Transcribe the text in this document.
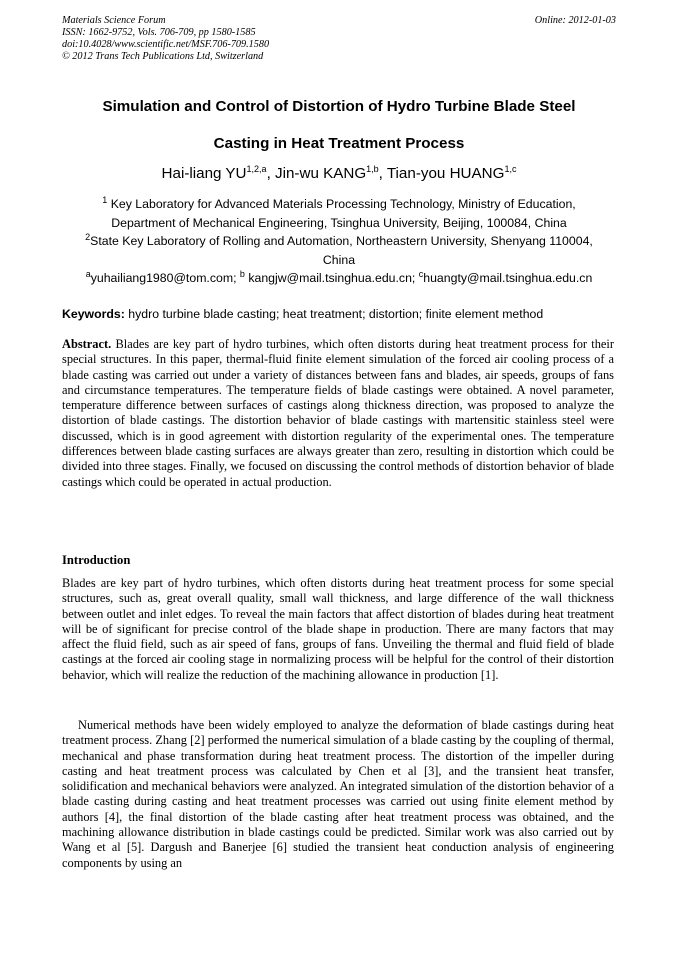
Materials Science Forum
ISSN: 1662-9752, Vols. 706-709, pp 1580-1585
doi:10.4028/www.scientific.net/MSF.706-709.1580
© 2012 Trans Tech Publications Ltd, Switzerland
Online: 2012-01-03
Simulation and Control of Distortion of Hydro Turbine Blade Steel
Casting in Heat Treatment Process
Hai-liang YU$^{1,2,a}$, Jin-wu KANG$^{1,b}$, Tian-you HUANG$^{1,c}$
$^1$ Key Laboratory for Advanced Materials Processing Technology, Ministry of Education,
Department of Mechanical Engineering, Tsinghua University, Beijing, 100084, China
$^2$State Key Laboratory of Rolling and Automation, Northeastern University, Shenyang 110004,
China
$^a$yuhailiang1980@tom.com; $^b$ kangjw@mail.tsinghua.edu.cn; $^c$huangty@mail.tsinghua.edu.cn
Keywords: hydro turbine blade casting; heat treatment; distortion; finite element method
Abstract. Blades are key part of hydro turbines, which often distorts during heat treatment process for their special structures. In this paper, thermal-fluid finite element simulation of the forced air cooling process of a blade casting was carried out under a variety of distances between fans and blades, air speeds, groups of fans and circumstance temperatures. The temperature fields of blade castings were obtained. A novel parameter, temperature difference between surfaces of castings along thickness direction, was proposed to analyze the distortion of blade castings. The distortion behavior of blade castings with martensitic stainless steel were discussed, which is in good agreement with distortion regularity of the experimental ones. The temperature differences between blade casting surfaces are always greater than zero, resulting in distortion which could be divided into three stages. Finally, we focused on discussing the control methods of distortion behavior of blade castings which could be operated in actual production.
Introduction
Blades are key part of hydro turbines, which often distorts during heat treatment process for some special structures, such as, great overall quality, small wall thickness, and large difference of the wall thickness between outlet and inlet edges. To reveal the main factors that affect distortion of blades during heat treatment will be of significant for precise control of the blade shape in production. There are many factors that may affect the fluid field, such as air speed of fans, groups of fans. Unveiling the thermal and fluid field of blade castings at the forced air cooling stage in normalizing process will be helpful for the control of their distortion behavior, which will realize the reduction of the machining allowance in production [1].
Numerical methods have been widely employed to analyze the deformation of blade castings during heat treatment process. Zhang [2] performed the numerical simulation of a blade casting by the coupling of thermal, mechanical and phase transformation during heat treatment process. The distortion of the impeller during casting and heat treatment process was calculated by Chen et al [3], and the transient heat transfer, solidification and mechanical behaviors were analyzed. An integrated simulation of the distortion behavior of a blade casting during casting and heat treatment processes was carried out using finite element method by authors [4], the final distortion of the blade casting after heat treatment process was obtained, and the machining allowance distribution in blade castings could be predicted. Similar work was also carried out by Wang et al [5]. Dargush and Banerjee [6] studied the transient heat conduction analysis of engineering components by using an
